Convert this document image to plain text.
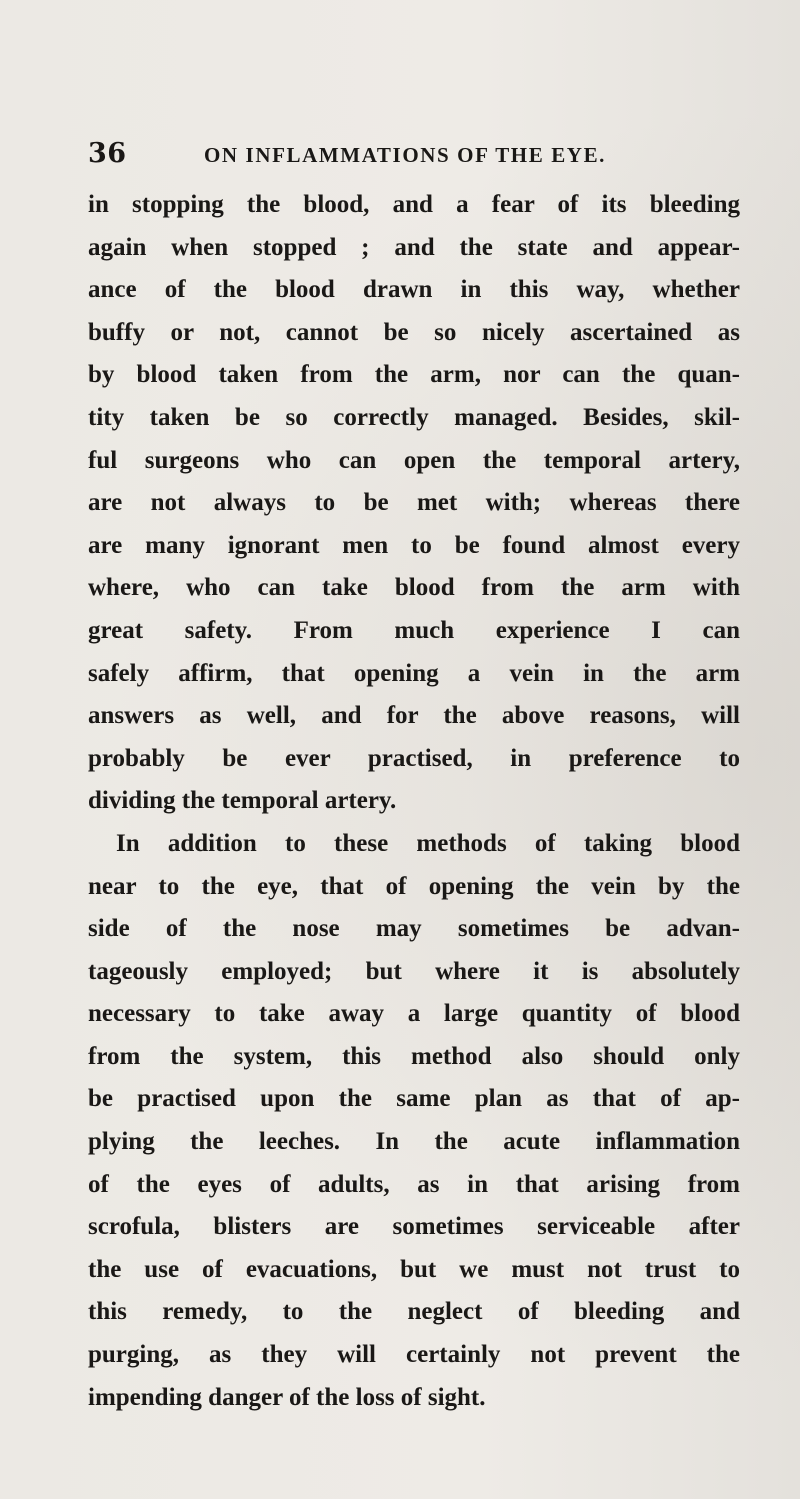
36	ON INFLAMMATIONS OF THE EYE.
in stopping the blood, and a fear of its bleeding
again when stopped ; and the state and appear-
ance of the blood drawn in this way, whether
buffy or not, cannot be so nicely ascertained as
by blood taken from the arm, nor can the quan-
tity taken be so correctly managed. Besides, skil-
ful surgeons who can open the temporal artery,
are not always to be met with; whereas there
are many ignorant men to be found almost every
where, who can take blood from the arm with
great safety. From much experience I can
safely affirm, that opening a vein in the arm
answers as well, and for the above reasons, will
probably be ever practised, in preference to
dividing the temporal artery.
In addition to these methods of taking blood
near to the eye, that of opening the vein by the
side of the nose may sometimes be advan-
tageously employed; but where it is absolutely
necessary to take away a large quantity of blood
from the system, this method also should only
be practised upon the same plan as that of ap-
plying the leeches. In the acute inflammation
of the eyes of adults, as in that arising from
scrofula, blisters are sometimes serviceable after
the use of evacuations, but we must not trust to
this remedy, to the neglect of bleeding and
purging, as they will certainly not prevent the
impending danger of the loss of sight.
